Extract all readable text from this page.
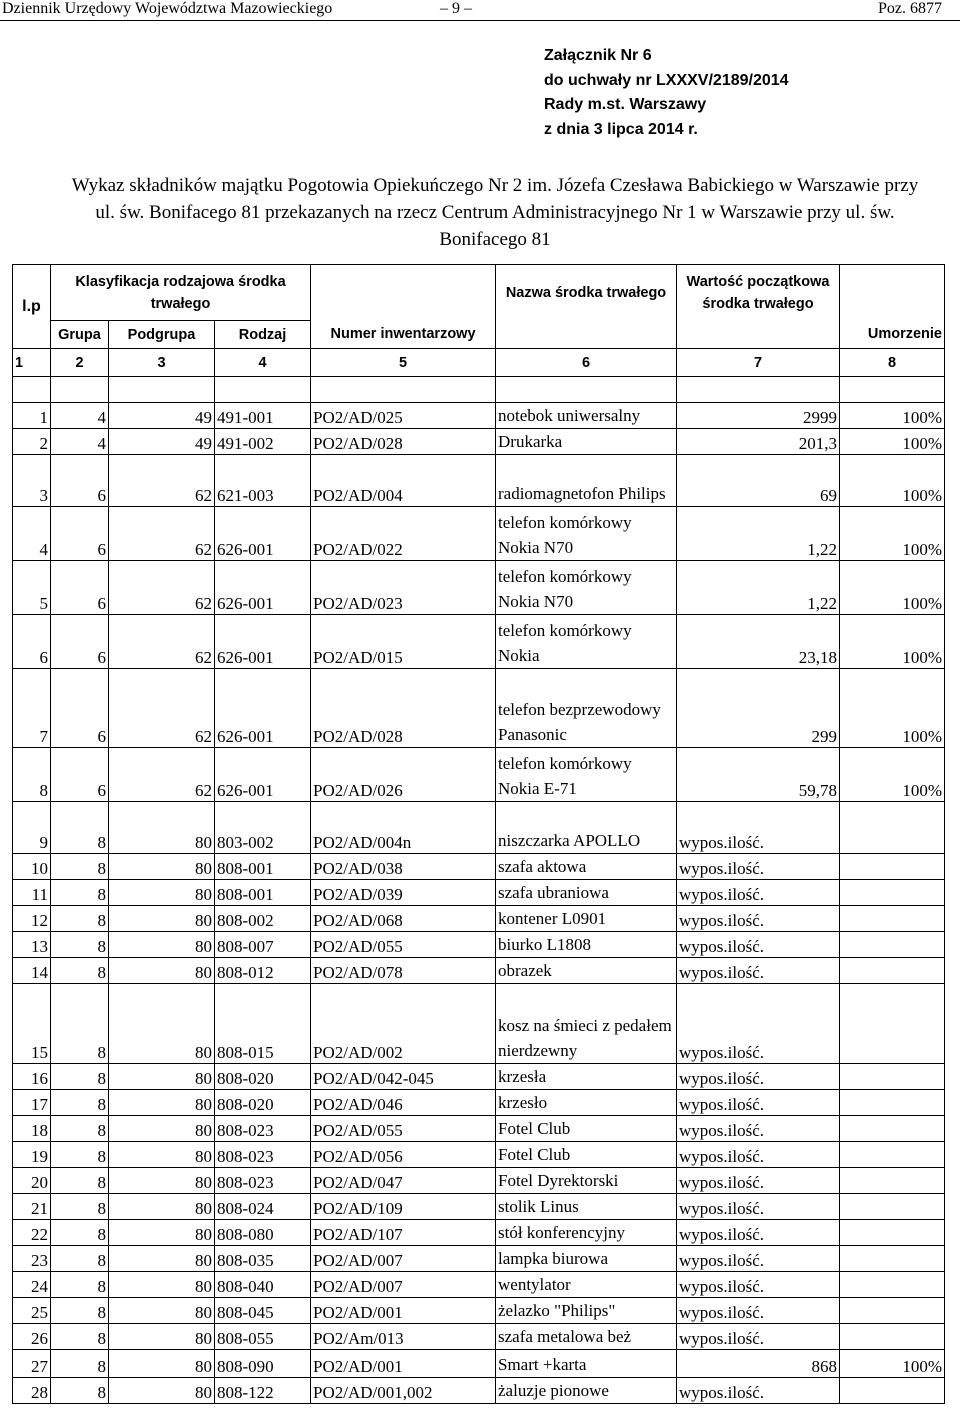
Dziennik Urzędowy Województwa Mazowieckiego	– 9 –	Poz. 6877
Załącznik Nr 6
do uchwały nr LXXXV/2189/2014
Rady m.st. Warszawy
z dnia 3 lipca 2014 r.
Wykaz składników majątku Pogotowia Opiekuńczego Nr 2 im. Józefa Czesława Babickiego w Warszawie przy ul. św. Bonifacego 81 przekazanych na rzecz Centrum Administracyjnego Nr 1 w Warszawie przy ul. św. Bonifacego 81
l.p	Klasyfikacja rodzajowa środka trwałego				Nazwa środka trwałego	Wartość początkowa środka trwałego	
	Grupa	Podgrupa	Rodzaj	Numer inwentarzowy			Umorzenie
1	2	3	4	5	6	7	8

1	4	49	491-001	PO2/AD/025	notebok uniwersalny	2999	100%
2	4	49	491-002	PO2/AD/028	Drukarka	201,3	100%
3	6	62	621-003	PO2/AD/004	radiomagnetofon Philips	69	100%
4	6	62	626-001	PO2/AD/022	telefon komórkowy Nokia N70	1,22	100%
5	6	62	626-001	PO2/AD/023	telefon komórkowy Nokia N70	1,22	100%
6	6	62	626-001	PO2/AD/015	telefon komórkowy Nokia	23,18	100%
7	6	62	626-001	PO2/AD/028	telefon bezprzewodowy Panasonic	299	100%
8	6	62	626-001	PO2/AD/026	telefon komórkowy Nokia E-71	59,78	100%
9	8	80	803-002	PO2/AD/004n	niszczarka APOLLO	wypos.ilość.	
10	8	80	808-001	PO2/AD/038	szafa aktowa	wypos.ilość.	
11	8	80	808-001	PO2/AD/039	szafa ubraniowa	wypos.ilość.	
12	8	80	808-002	PO2/AD/068	kontener L0901	wypos.ilość.	
13	8	80	808-007	PO2/AD/055	biurko L1808	wypos.ilość.	
14	8	80	808-012	PO2/AD/078	obrazek	wypos.ilość.	
15	8	80	808-015	PO2/AD/002	kosz na śmieci z pedałem nierdzewny	wypos.ilość.	
16	8	80	808-020	PO2/AD/042-045	krzesła	wypos.ilość.	
17	8	80	808-020	PO2/AD/046	krzesło	wypos.ilość.	
18	8	80	808-023	PO2/AD/055	Fotel Club	wypos.ilość.	
19	8	80	808-023	PO2/AD/056	Fotel Club	wypos.ilość.	
20	8	80	808-023	PO2/AD/047	Fotel Dyrektorski	wypos.ilość.	
21	8	80	808-024	PO2/AD/109	stolik Linus	wypos.ilość.	
22	8	80	808-080	PO2/AD/107	stół konferencyjny	wypos.ilość.	
23	8	80	808-035	PO2/AD/007	lampka biurowa	wypos.ilość.	
24	8	80	808-040	PO2/AD/007	wentylator	wypos.ilość.	
25	8	80	808-045	PO2/AD/001	żelazko "Philips"	wypos.ilość.	
26	8	80	808-055	PO2/Am/013	szafa metalowa beż	wypos.ilość.	
27	8	80	808-090	PO2/AD/001	Smart +karta	868	100%
28	8	80	808-122	PO2/AD/001,002	żaluzje pionowe	wypos.ilość.	
